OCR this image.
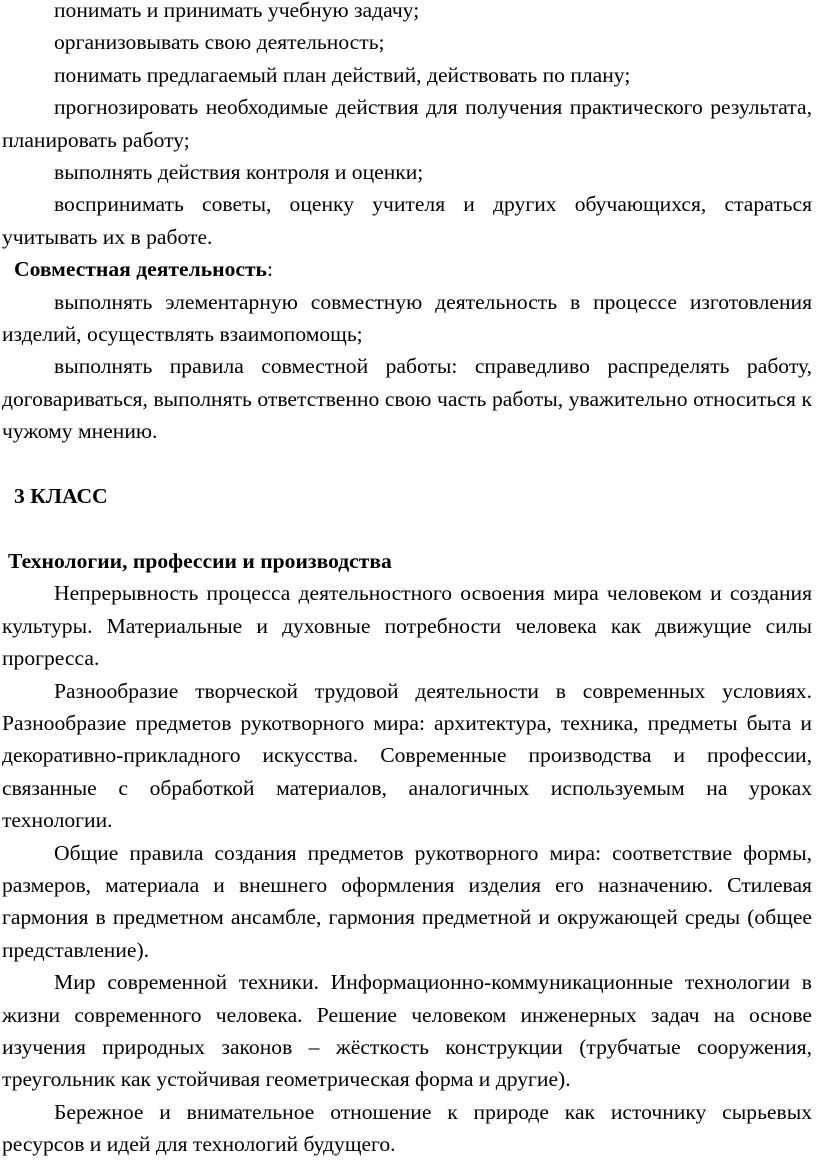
понимать и принимать учебную задачу;

организовывать свою деятельность;

понимать предлагаемый план действий, действовать по плану;

прогнозировать необходимые действия для получения практического результата, планировать работу;

выполнять действия контроля и оценки;

воспринимать советы, оценку учителя и других обучающихся, стараться учитывать их в работе.

Совместная деятельность:

выполнять элементарную совместную деятельность в процессе изготовления изделий, осуществлять взаимопомощь;

выполнять правила совместной работы: справедливо распределять работу, договариваться, выполнять ответственно свою часть работы, уважительно относиться к чужому мнению.

3 КЛАСС

Технологии, профессии и производства

Непрерывность процесса деятельностного освоения мира человеком и создания культуры. Материальные и духовные потребности человека как движущие силы прогресса.

Разнообразие творческой трудовой деятельности в современных условиях. Разнообразие предметов рукотворного мира: архитектура, техника, предметы быта и декоративно-прикладного искусства. Современные производства и профессии, связанные с обработкой материалов, аналогичных используемым на уроках технологии.

Общие правила создания предметов рукотворного мира: соответствие формы, размеров, материала и внешнего оформления изделия его назначению. Стилевая гармония в предметном ансамбле, гармония предметной и окружающей среды (общее представление).

Мир современной техники. Информационно-коммуникационные технологии в жизни современного человека. Решение человеком инженерных задач на основе изучения природных законов – жёсткость конструкции (трубчатые сооружения, треугольник как устойчивая геометрическая форма и другие).

Бережное и внимательное отношение к природе как источнику сырьевых ресурсов и идей для технологий будущего.
